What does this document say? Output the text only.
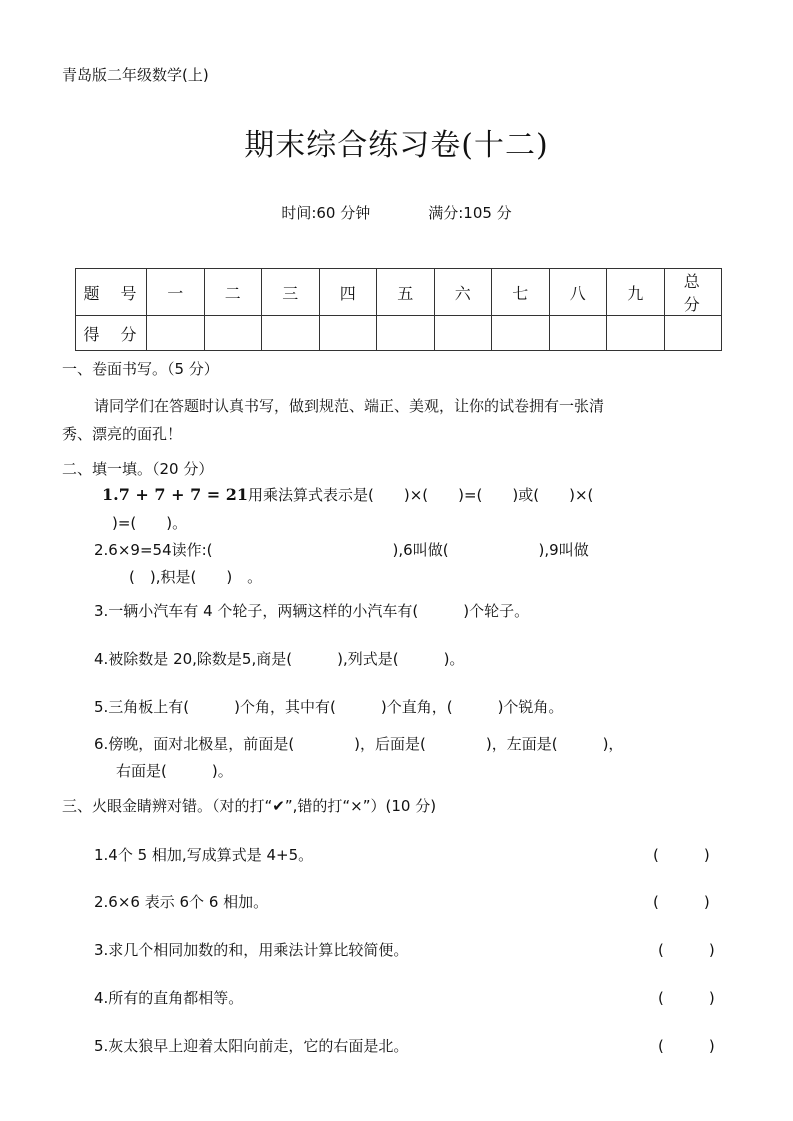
青岛版二年级数学(上)
期末综合练习卷(十二)
时间:60 分钟	满分:105 分
题 号	一	二	三	四	五	六	七	八	九	总 分
得 分										
一、卷面书写。（5 分）
请同学们在答题时认真书写，做到规范、端正、美观，让你的试卷拥有一张清
秀、漂亮的面孔！
二、填一填。（20 分）
1.7 + 7 + 7 = 21用乘法算式表示是(　　)×(　　)=(　　)或(　　)×(
)=(　　)。
2.6×9=54读作:(　　　　　　　　　　　　),6叫做(　　　　　　),9叫做
(　),积是(　　)　。
3.一辆小汽车有 4 个轮子，两辆这样的小汽车有(　　　)个轮子。
4.被除数是 20,除数是5,商是(　　　),列式是(　　　)。
5.三角板上有(　　　)个角，其中有(　　　)个直角，(　　　)个锐角。
6.傍晚，面对北极星，前面是(　　　　)，后面是(　　　　)，左面是(　　　)，
右面是(　　　)。
三、火眼金睛辨对错。（对的打“✔”,错的打“×”）(10 分)
1.4个 5 相加,写成算式是 4+5。	(　　　)
2.6×6 表示 6个 6 相加。	(　　　)
3.求几个相同加数的和，用乘法计算比较简便。	(　　　)
4.所有的直角都相等。	(　　　)
5.灰太狼早上迎着太阳向前走，它的右面是北。	(　　　)
